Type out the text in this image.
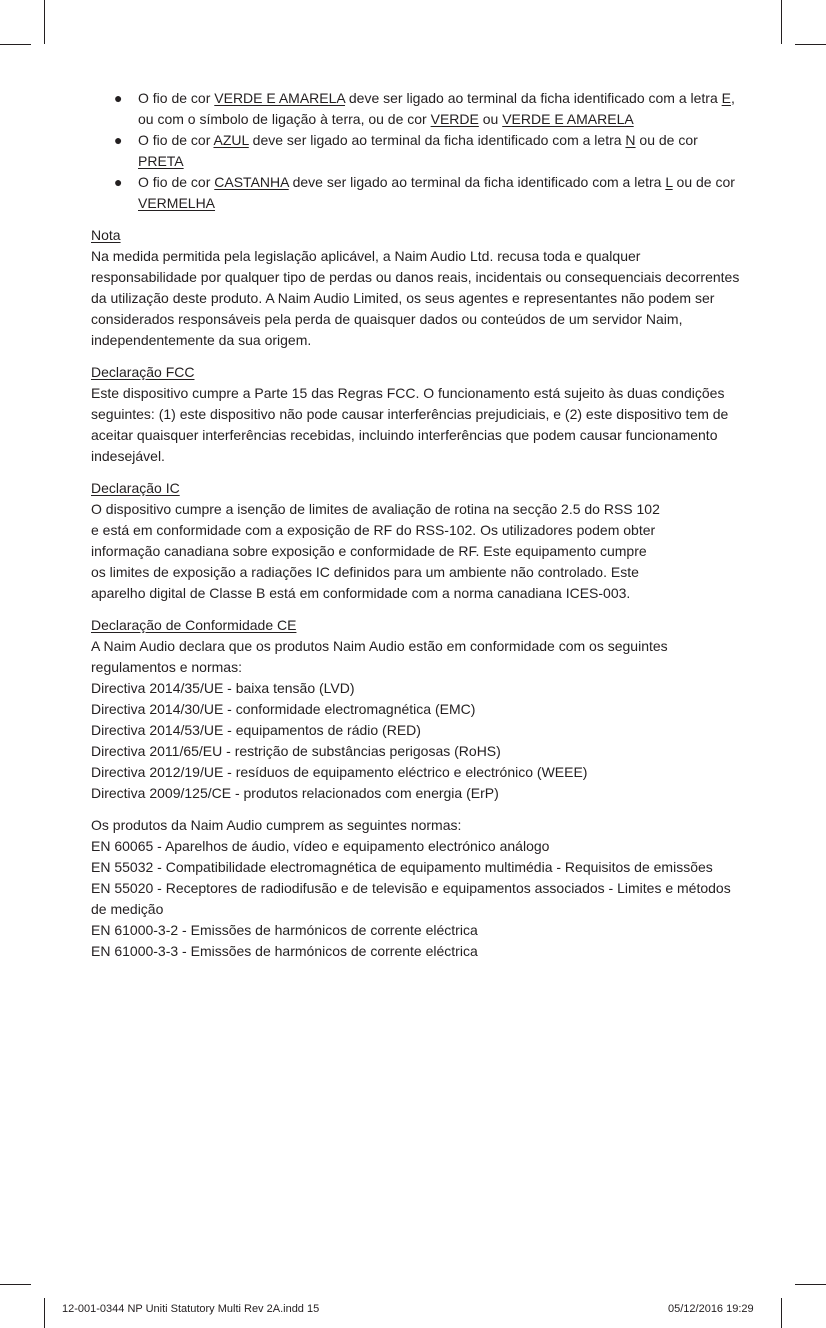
● O fio de cor VERDE E AMARELA deve ser ligado ao terminal da ficha identificado com a letra E, ou com o símbolo de ligação à terra, ou de cor VERDE ou VERDE E AMARELA
● O fio de cor AZUL deve ser ligado ao terminal da ficha identificado com a letra N ou de cor PRETA
● O fio de cor CASTANHA deve ser ligado ao terminal da ficha identificado com a letra L ou de cor VERMELHA
Nota
Na medida permitida pela legislação aplicável, a Naim Audio Ltd. recusa toda e qualquer responsabilidade por qualquer tipo de perdas ou danos reais, incidentais ou consequenciais decorrentes da utilização deste produto. A Naim Audio Limited, os seus agentes e representantes não podem ser considerados responsáveis pela perda de quaisquer dados ou conteúdos de um servidor Naim, independentemente da sua origem.
Declaração FCC
Este dispositivo cumpre a Parte 15 das Regras FCC. O funcionamento está sujeito às duas condições seguintes: (1) este dispositivo não pode causar interferências prejudiciais, e (2) este dispositivo tem de aceitar quaisquer interferências recebidas, incluindo interferências que podem causar funcionamento indesejável.
Declaração IC
O dispositivo cumpre a isenção de limites de avaliação de rotina na secção 2.5 do RSS 102
e está em conformidade com a exposição de RF do RSS-102. Os utilizadores podem obter
informação canadiana sobre exposição e conformidade de RF. Este equipamento cumpre
os limites de exposição a radiações IC definidos para um ambiente não controlado. Este
aparelho digital de Classe B está em conformidade com a norma canadiana ICES-003.
Declaração de Conformidade CE
A Naim Audio declara que os produtos Naim Audio estão em conformidade com os seguintes regulamentos e normas:
Directiva 2014/35/UE - baixa tensão (LVD)
Directiva 2014/30/UE - conformidade electromagnética (EMC)
Directiva 2014/53/UE - equipamentos de rádio (RED)
Directiva 2011/65/EU - restrição de substâncias perigosas (RoHS)
Directiva 2012/19/UE - resíduos de equipamento eléctrico e electrónico (WEEE)
Directiva 2009/125/CE - produtos relacionados com energia (ErP)
Os produtos da Naim Audio cumprem as seguintes normas:
EN 60065 - Aparelhos de áudio, vídeo e equipamento electrónico análogo
EN 55032 - Compatibilidade electromagnética de equipamento multimédia - Requisitos de emissões
EN 55020 - Receptores de radiodifusão e de televisão e equipamentos associados - Limites e métodos de medição
EN 61000-3-2 - Emissões de harmónicos de corrente eléctrica
EN 61000-3-3 - Emissões de harmónicos de corrente eléctrica
12-001-0344 NP Uniti Statutory Multi Rev 2A.indd 15	05/12/2016 19:29
